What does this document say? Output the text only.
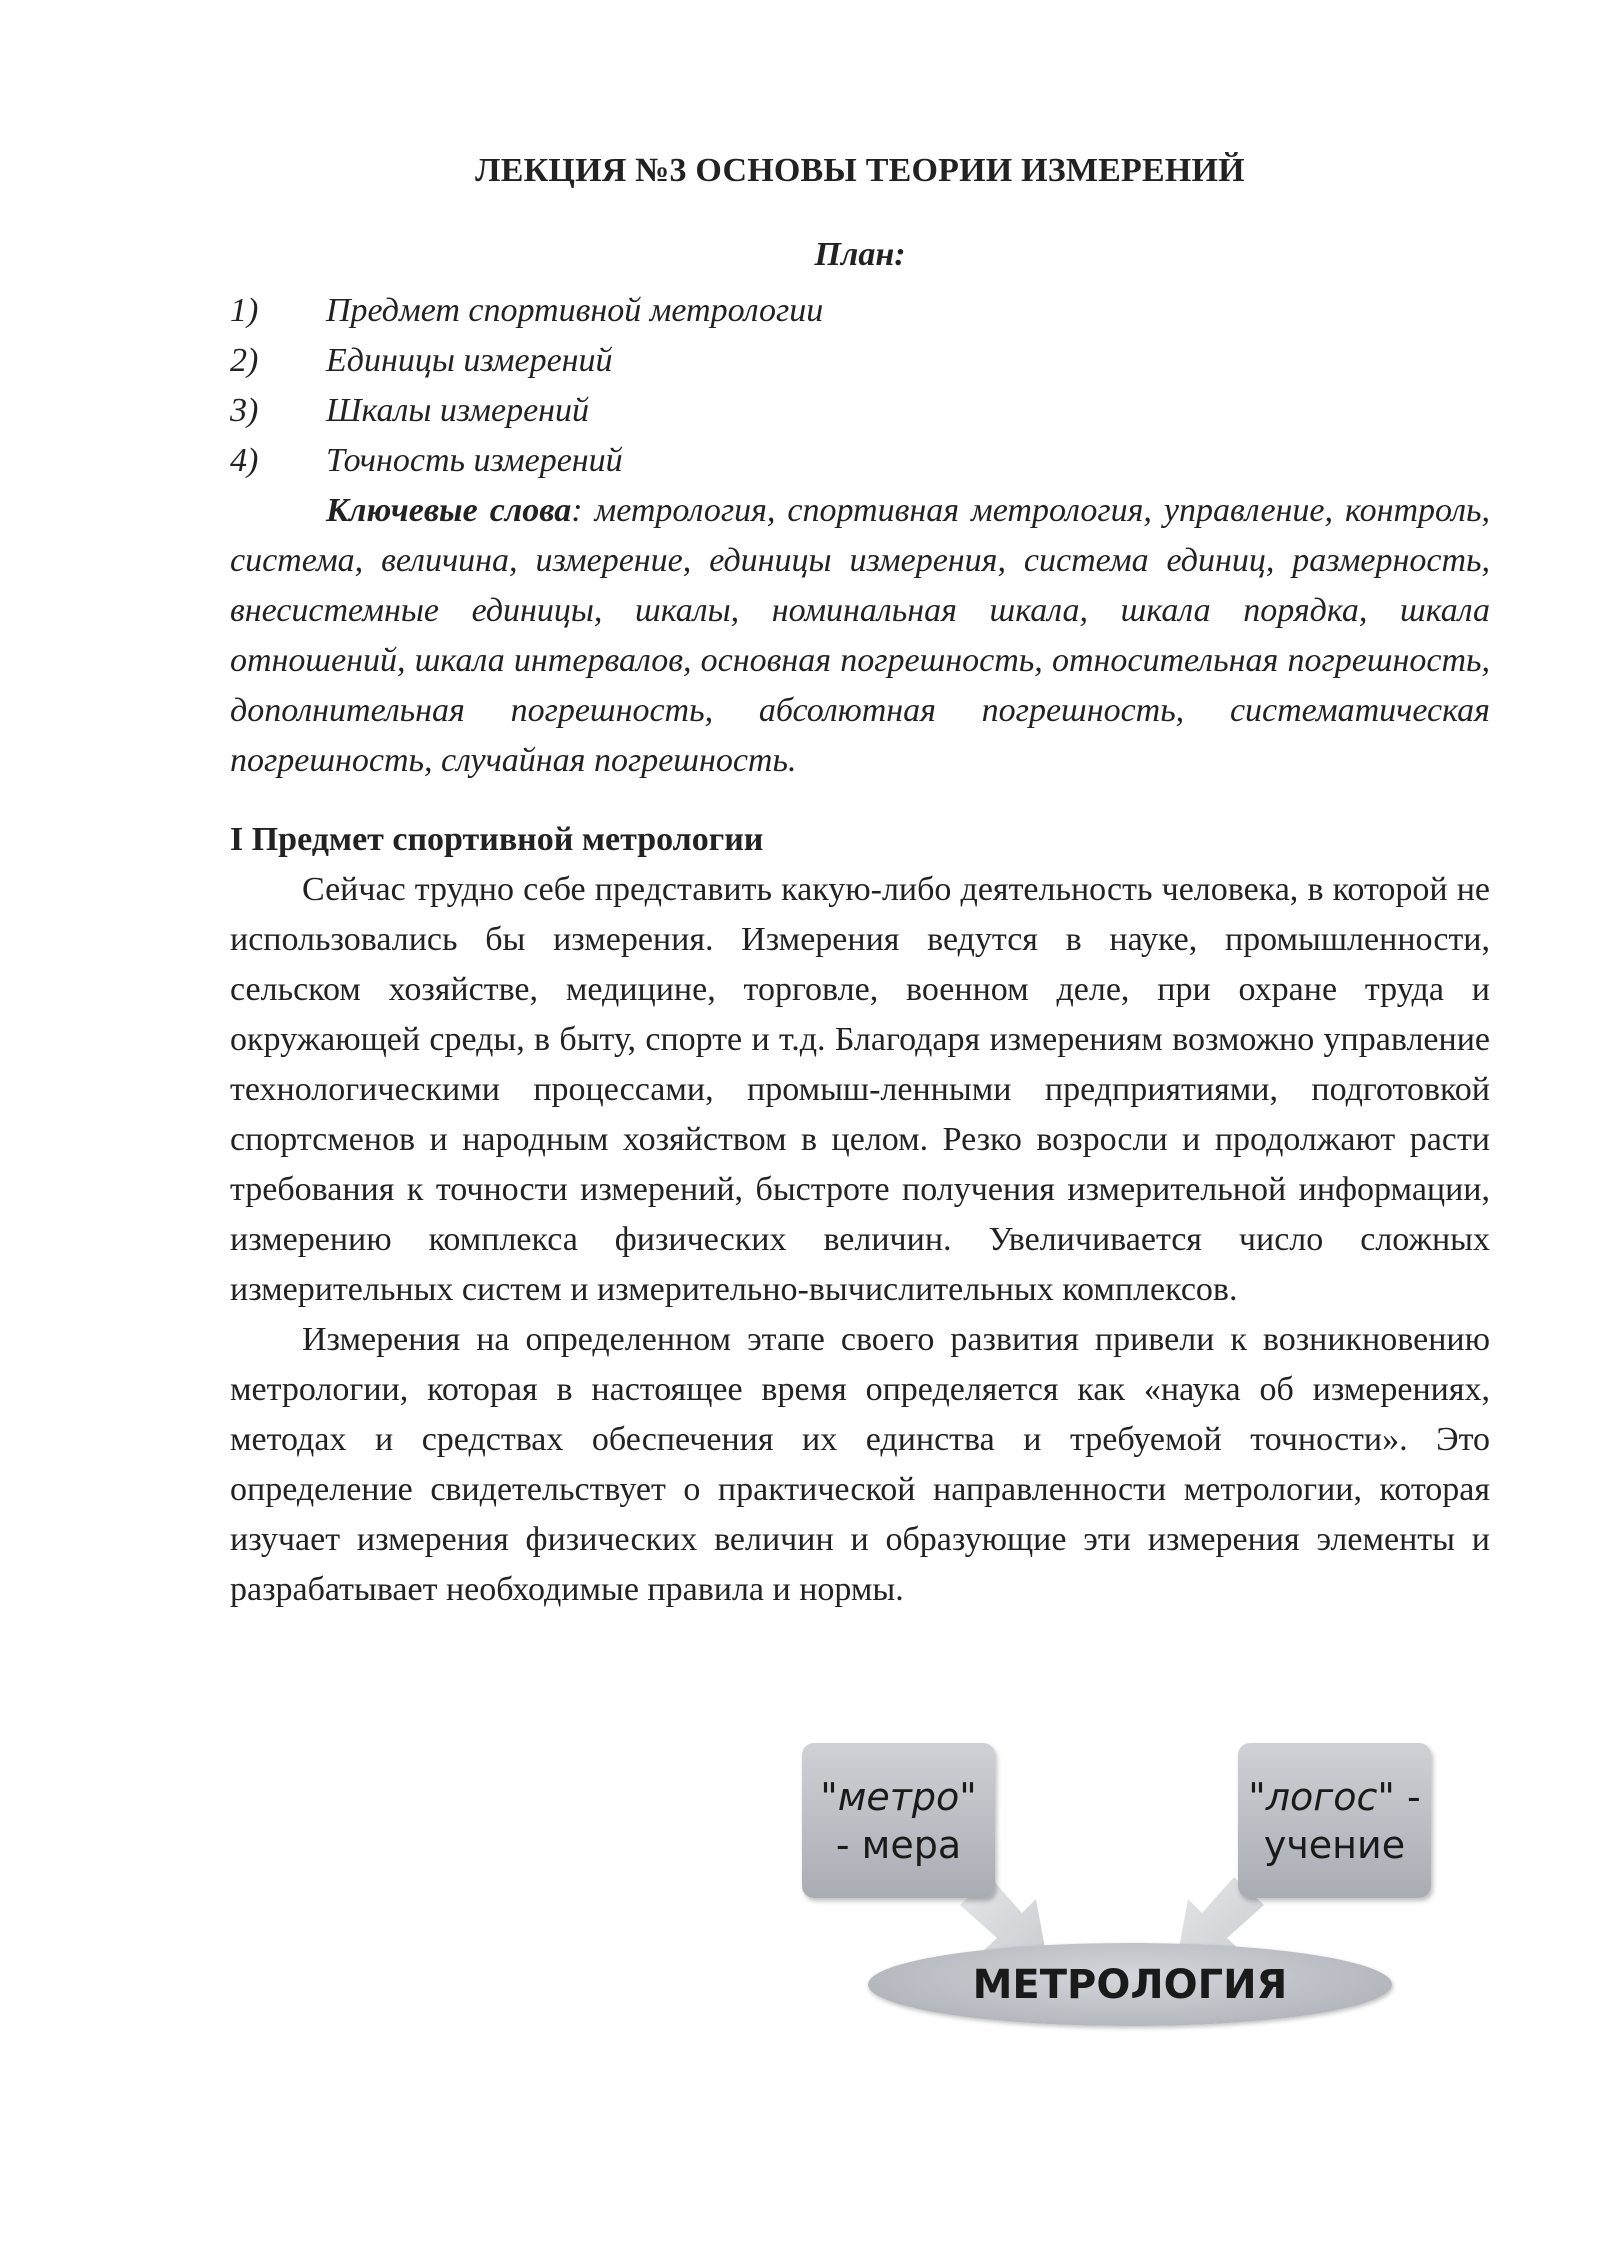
ЛЕКЦИЯ №3 ОСНОВЫ ТЕОРИИ ИЗМЕРЕНИЙ
План:
1) Предмет спортивной метрологии
2) Единицы измерений
3) Шкалы измерений
4) Точность измерений

Ключевые слова: метрология, спортивная метрология, управление, контроль, система, величина, измерение, единицы измерения, система единиц, размерность, внесистемные единицы, шкалы, номинальная шкала, шкала порядка, шкала отношений, шкала интервалов, основная погрешность, относительная погрешность, дополнительная погрешность, абсолютная погрешность, систематическая погрешность, случайная погрешность.

I Предмет спортивной метрологии

Сейчас трудно себе представить какую-либо деятельность человека, в которой не использовались бы измерения. Измерения ведутся в науке, промышленности, сельском хозяйстве, медицине, торговле, военном деле, при охране труда и окружающей среды, в быту, спорте и т.д. Благодаря измерениям возможно управление технологическими процессами, промыш-ленными предприятиями, подготовкой спортсменов и народным хозяйством в целом. Резко возросли и продолжают расти требования к точности измерений, быстроте получения измерительной информации, измерению комплекса физических величин. Увеличивается число сложных измерительных систем и измерительно-вычислительных комплексов.

Измерения на определенном этапе своего развития привели к возникновению метрологии, которая в настоящее время определяется как «наука об измерениях, методах и средствах обеспечения их единства и требуемой точности». Это определение свидетельствует о практической направленности метрологии, которая изучает измерения физических величин и образующие эти измерения элементы и разрабатывает необходимые правила и нормы.

"метро"
- мера
"логос" -
учение
МЕТРОЛОГИЯ
